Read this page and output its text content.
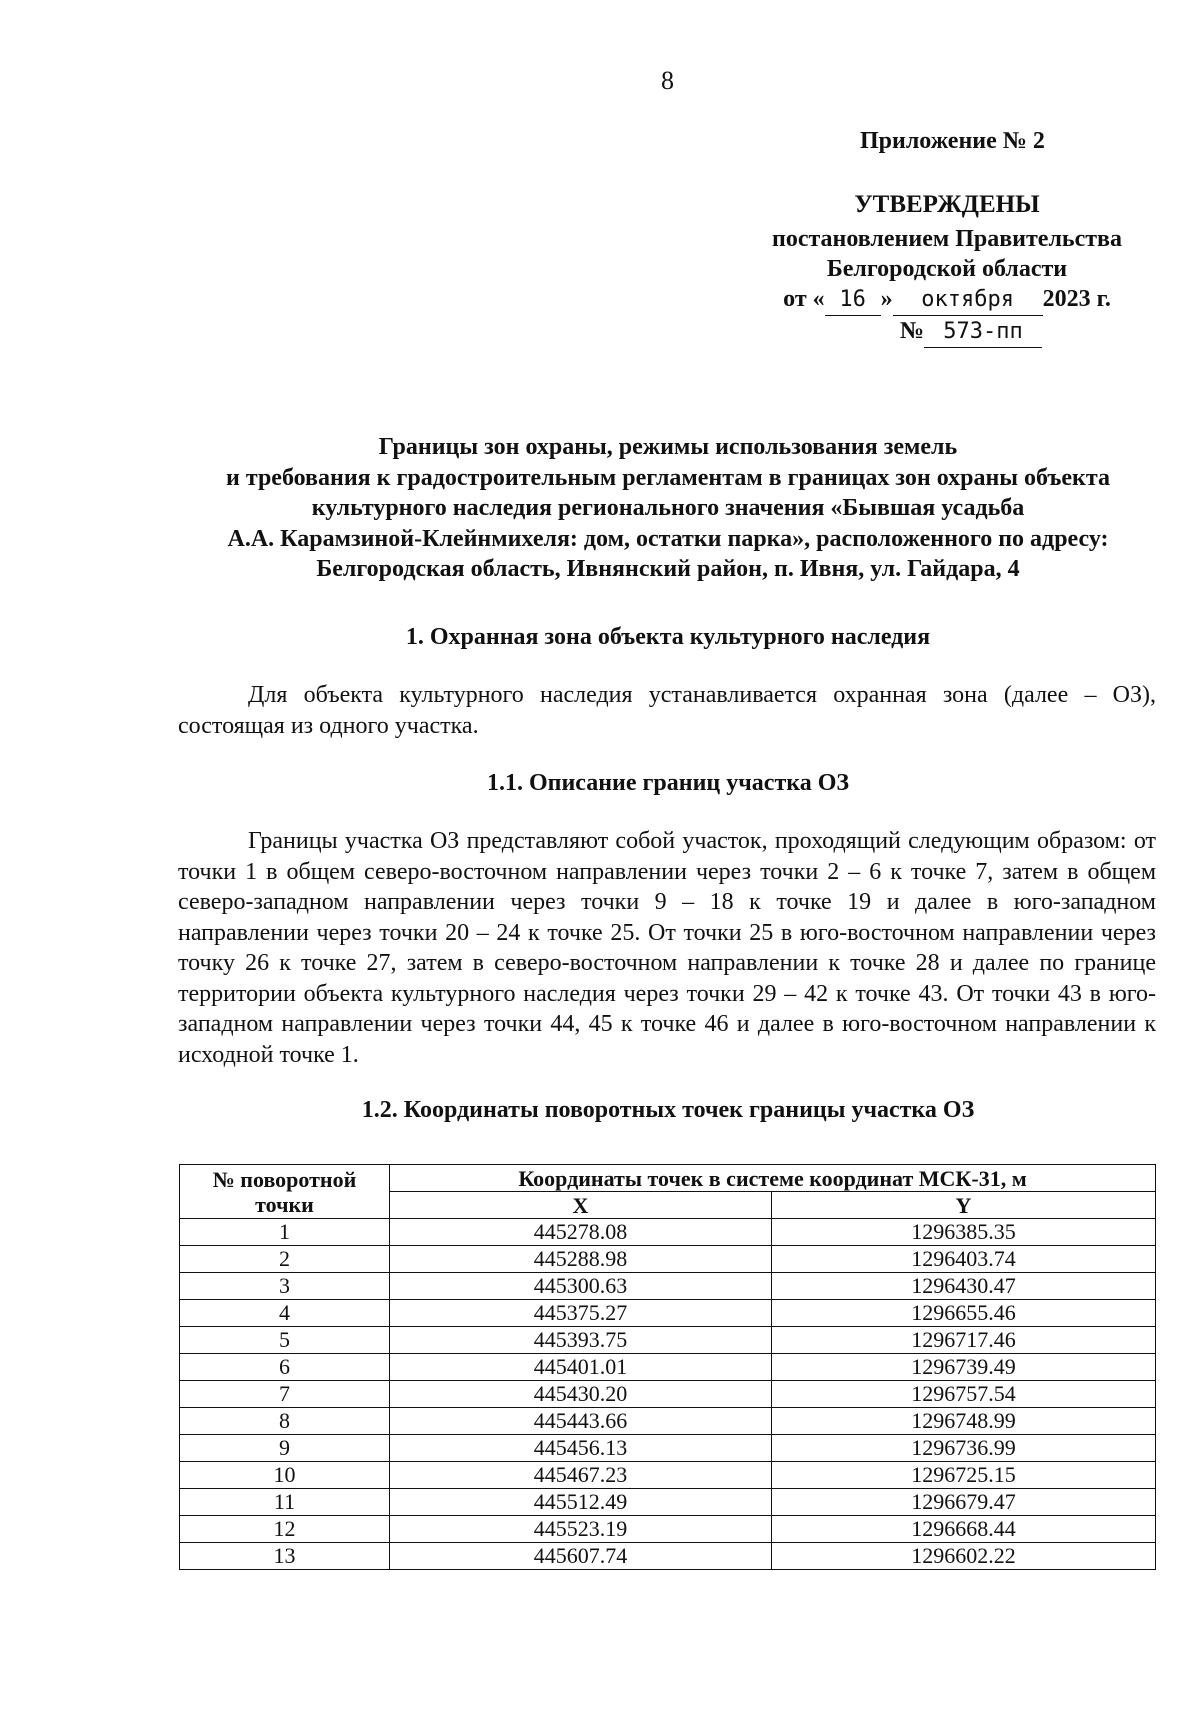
8
Приложение № 2
УТВЕРЖДЕНЫ
постановлением Правительства
Белгородской области
от « 16 » октября 2023 г.
№ 573-пп
Границы зон охраны, режимы использования земель
и требования к градостроительным регламентам в границах зон охраны объекта
культурного наследия регионального значения «Бывшая усадьба
А.А. Карамзиной-Клейнмихеля: дом, остатки парка», расположенного по адресу:
Белгородская область, Ивнянский район, п. Ивня, ул. Гайдара, 4
1. Охранная зона объекта культурного наследия

Для объекта культурного наследия устанавливается охранная зона (далее – ОЗ), состоящая из одного участка.

1.1. Описание границ участка ОЗ

Границы участка ОЗ представляют собой участок, проходящий следующим образом: от точки 1 в общем северо-восточном направлении через точки 2 – 6 к точке 7, затем в общем северо-западном направлении через точки 9 – 18 к точке 19 и далее в юго-западном направлении через точки 20 – 24 к точке 25. От точки 25 в юго-восточном направлении через точку 26 к точке 27, затем в северо-восточном направлении к точке 28 и далее по границе территории объекта культурного наследия через точки 29 – 42 к точке 43. От точки 43 в юго-западном направлении через точки 44, 45 к точке 46 и далее в юго-восточном направлении к исходной точке 1.

1.2. Координаты поворотных точек границы участка ОЗ
№ поворотной
точки	Координаты точек в системе координат МСК-31, м	
	X	Y
1	445278.08	1296385.35
2	445288.98	1296403.74
3	445300.63	1296430.47
4	445375.27	1296655.46
5	445393.75	1296717.46
6	445401.01	1296739.49
7	445430.20	1296757.54
8	445443.66	1296748.99
9	445456.13	1296736.99
10	445467.23	1296725.15
11	445512.49	1296679.47
12	445523.19	1296668.44
13	445607.74	1296602.22
